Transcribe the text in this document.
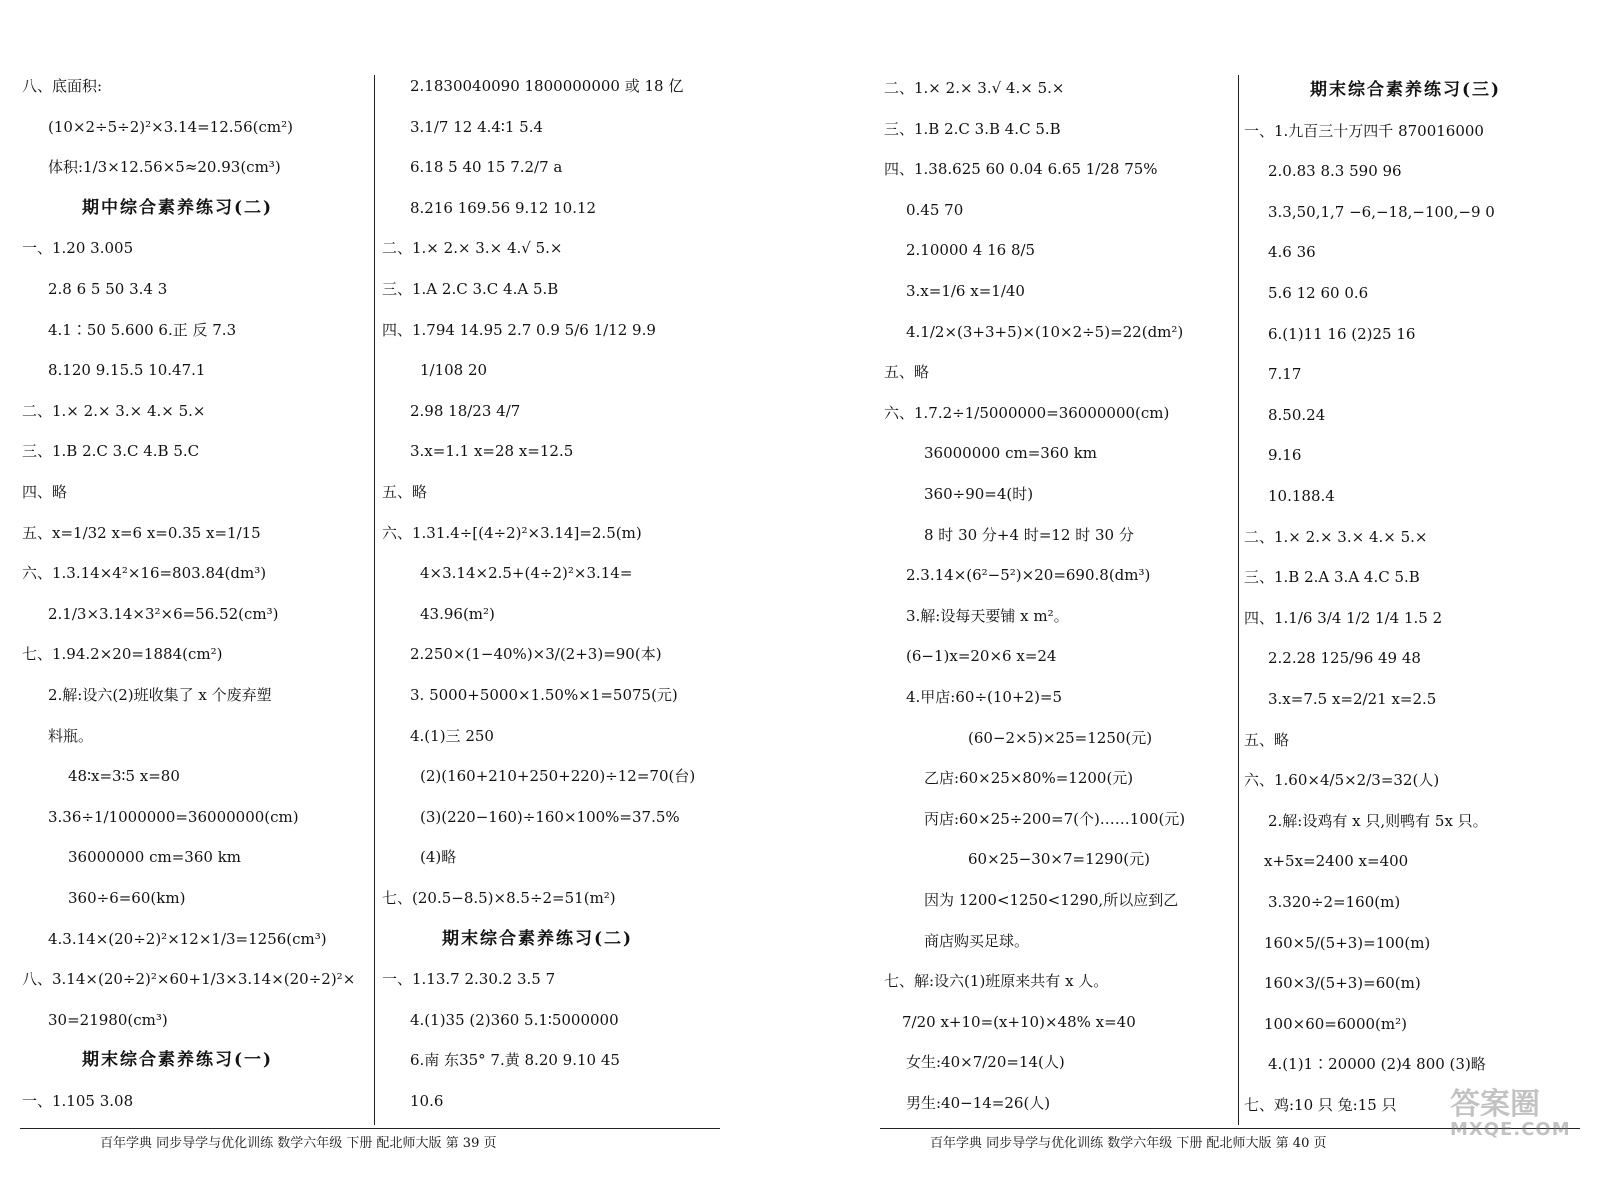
八、底面积:
(10×2÷5÷2)²×3.14=12.56(cm²)
体积:1/3×12.56×5≈20.93(cm³)
期中综合素养练习(二)
一、1.20 3.005
2.8 6 5 50 3.4 3
4.1∶50 5.600 6.正 反 7.3
8.120 9.15.5 10.47.1
二、1.× 2.× 3.× 4.× 5.×
三、1.B 2.C 3.C 4.B 5.C
四、略
五、x=1/32 x=6 x=0.35 x=1/15
六、1.3.14×4²×16=803.84(dm³)
2.1/3×3.14×3²×6=56.52(cm³)
七、1.94.2×20=1884(cm²)
2.解:设六(2)班收集了 x 个废弃塑
料瓶。
48∶x=3∶5 x=80
3.36÷1/1000000=36000000(cm)
36000000 cm=360 km
360÷6=60(km)
4.3.14×(20÷2)²×12×1/3=1256(cm³)
八、3.14×(20÷2)²×60+1/3×3.14×(20÷2)²×
30=21980(cm³)
期末综合素养练习(一)
一、1.105 3.08
2.1830040090 1800000000 或 18 亿
3.1/7 12 4.4∶1 5.4
6.18 5 40 15 7.2/7 a
8.216 169.56 9.12 10.12
二、1.× 2.× 3.× 4.√ 5.×
三、1.A 2.C 3.C 4.A 5.B
四、1.794 14.95 2.7 0.9 5/6 1/12 9.9
1/108 20
2.98 18/23 4/7
3.x=1.1 x=28 x=12.5
五、略
六、1.31.4÷[(4÷2)²×3.14]=2.5(m)
4×3.14×2.5+(4÷2)²×3.14=
43.96(m²)
2.250×(1−40%)×3/(2+3)=90(本)
3. 5000+5000×1.50%×1=5075(元)
4.(1)三 250
(2)(160+210+250+220)÷12=70(台)
(3)(220−160)÷160×100%=37.5%
(4)略
七、(20.5−8.5)×8.5÷2=51(m²)
期末综合素养练习(二)
一、1.13.7 2.30.2 3.5 7
4.(1)35 (2)360 5.1∶5000000
6.南 东35° 7.黄 8.20 9.10 45
10.6
百年学典 同步导学与优化训练 数学六年级 下册 配北师大版 第 39 页
二、1.× 2.× 3.√ 4.× 5.×
三、1.B 2.C 3.B 4.C 5.B
四、1.38.625 60 0.04 6.65 1/28 75%
0.45 70
2.10000 4 16 8/5
3.x=1/6 x=1/40
4.1/2×(3+3+5)×(10×2÷5)=22(dm²)
五、略
六、1.7.2÷1/5000000=36000000(cm)
36000000 cm=360 km
360÷90=4(时)
8 时 30 分+4 时=12 时 30 分
2.3.14×(6²−5²)×20=690.8(dm³)
3.解:设每天要铺 x m²。
(6−1)x=20×6 x=24
4.甲店:60÷(10+2)=5
(60−2×5)×25=1250(元)
乙店:60×25×80%=1200(元)
丙店:60×25÷200=7(个)……100(元)
60×25−30×7=1290(元)
因为 1200<1250<1290,所以应到乙
商店购买足球。
七、解:设六(1)班原来共有 x 人。
7/20 x+10=(x+10)×48% x=40
女生:40×7/20=14(人)
男生:40−14=26(人)
期末综合素养练习(三)
一、1.九百三十万四千 870016000
2.0.83 8.3 590 96
3.3,50,1,7 −6,−18,−100,−9 0
4.6 36
5.6 12 60 0.6
6.(1)11 16 (2)25 16
7.17
8.50.24
9.16
10.188.4
二、1.× 2.× 3.× 4.× 5.×
三、1.B 2.A 3.A 4.C 5.B
四、1.1/6 3/4 1/2 1/4 1.5 2
2.2.28 125/96 49 48
3.x=7.5 x=2/21 x=2.5
五、略
六、1.60×4/5×2/3=32(人)
2.解:设鸡有 x 只,则鸭有 5x 只。
x+5x=2400 x=400
3.320÷2=160(m)
160×5/(5+3)=100(m)
160×3/(5+3)=60(m)
100×60=6000(m²)
4.(1)1∶20000 (2)4 800 (3)略
七、鸡:10 只 兔:15 只
百年学典 同步导学与优化训练 数学六年级 下册 配北师大版 第 40 页
答案圈
MXQE.COM
